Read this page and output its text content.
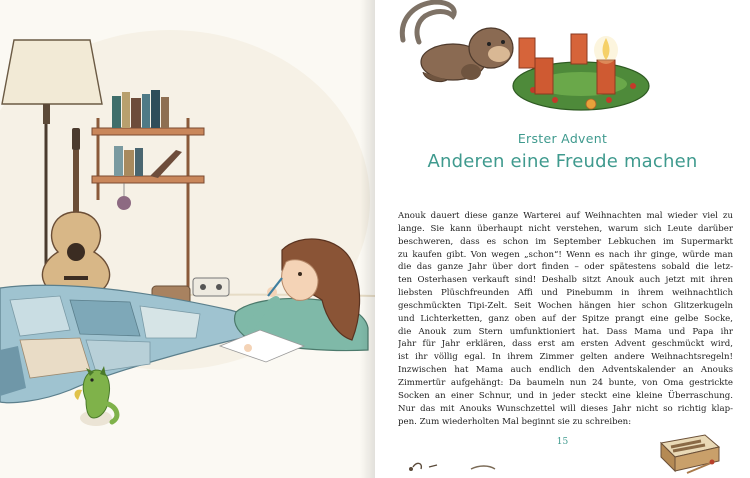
Erster Advent
Anderen eine Freude machen
Anouk dauert diese ganze Warterei auf Weihnachten mal wieder viel zu
lange. Sie kann überhaupt nicht verstehen, warum sich Leute darüber
beschweren, dass es schon im September Lebkuchen im Supermarkt
zu kaufen gibt. Von wegen „schon“! Wenn es nach ihr ginge, würde man
die das ganze Jahr über dort finden – oder spätestens sobald die letz-
ten Osterhasen verkauft sind! Deshalb sitzt Anouk auch jetzt mit ihren
liebsten Plüschfreunden Affi und Pinebumm in ihrem weihnachtlich
geschmückten Tipi-Zelt. Seit Wochen hängen hier schon Glitzerkugeln
und Lichterketten, ganz oben auf der Spitze prangt eine gelbe Socke,
die Anouk zum Stern umfunktioniert hat. Dass Mama und Papa ihr
Jahr für Jahr erklären, dass erst am ersten Advent geschmückt wird,
ist ihr völlig egal. In ihrem Zimmer gelten andere Weihnachtsregeln!
Inzwischen hat Mama auch endlich den Adventskalender an Anouks
Zimmertür aufgehängt: Da baumeln nun 24 bunte, von Oma gestrickte
Socken an einer Schnur, und in jeder steckt eine kleine Überraschung.
Nur das mit Anouks Wunschzettel will dieses Jahr nicht so richtig klap-
pen. Zum wiederholten Mal beginnt sie zu schreiben:
15
